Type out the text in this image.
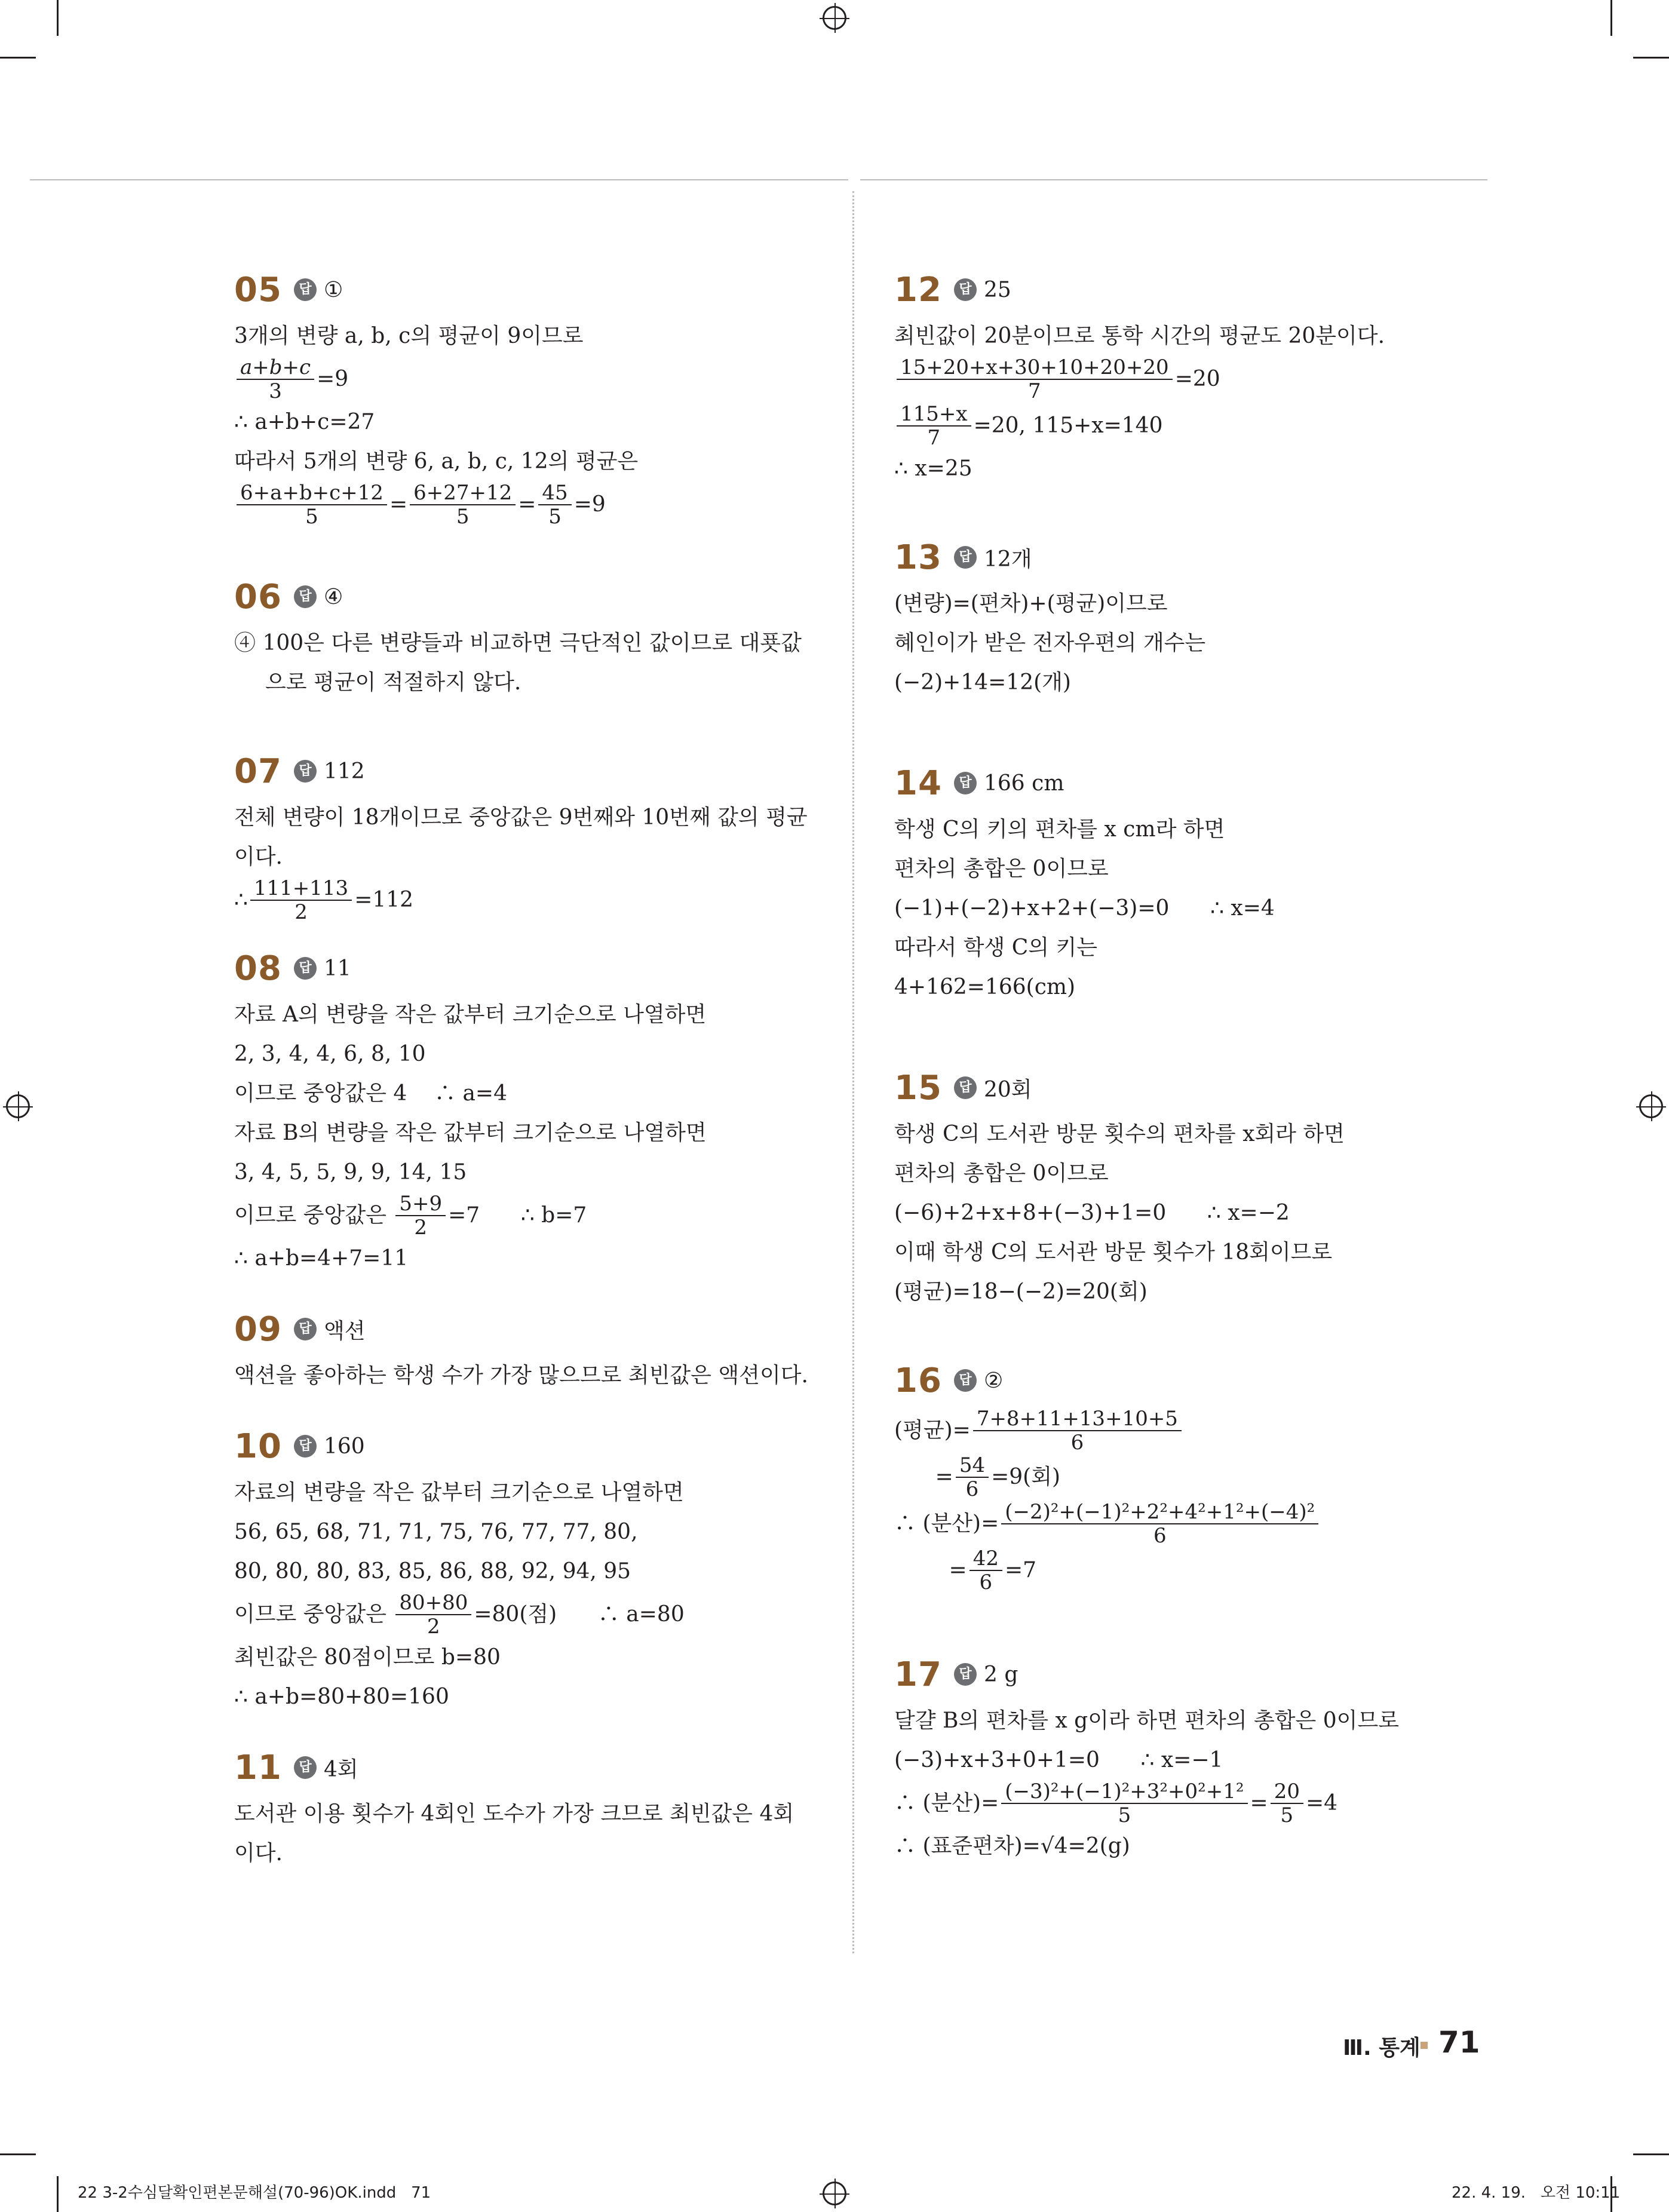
05	답 ①
3개의 변량 a, b, c의 평균이 9이므로
$\frac{a+b+c}{3} =9$
∴ a+b+c=27
따라서 5개의 변량 6, a, b, c, 12의 평균은
$\frac{6+a+b+c+12}{5} = \frac{6+27+12}{5} = \frac{45}{5} =9$
06	답 ④
④ 100은 다른 변량들과 비교하면 극단적인 값이므로 대푯값
으로 평균이 적절하지 않다.
07	답 112
전체 변량이 18개이므로 중앙값은 9번째와 10번째 값의 평균
이다.
∴ $\frac{111+113}{2} =112$
08	답 11
자료 A의 변량을 작은 값부터 크기순으로 나열하면
2, 3, 4, 4, 6, 8, 10
이므로 중앙값은 4    ∴ a=4
자료 B의 변량을 작은 값부터 크기순으로 나열하면
3, 4, 5, 5, 9, 9, 14, 15
이므로 중앙값은 $\frac{5+9}{2} =7$      ∴ b=7
∴ a+b=4+7=11
09	답 액션
액션을 좋아하는 학생 수가 가장 많으므로 최빈값은 액션이다.
10	답 160
자료의 변량을 작은 값부터 크기순으로 나열하면
56, 65, 68, 71, 71, 75, 76, 77, 77, 80,
80, 80, 80, 83, 85, 86, 88, 92, 94, 95
이므로 중앙값은 $\frac{80+80}{2} =80$(점)      ∴ a=80
최빈값은 80점이므로 b=80
∴ a+b=80+80=160
11	답 4회
도서관 이용 횟수가 4회인 도수가 가장 크므로 최빈값은 4회
이다.
12	답 25
최빈값이 20분이므로 통학 시간의 평균도 20분이다.
$\frac{15+20+x+30+10+20+20}{7} =20$
$\frac{115+x}{7} =20$, 115+x=140
∴ x=25
13	답 12개
(변량)=(편차)+(평균)이므로
혜인이가 받은 전자우편의 개수는
(−2)+14=12(개)
14	답 166 cm
학생 C의 키의 편차를 x cm라 하면
편차의 총합은 0이므로
(−1)+(−2)+x+2+(−3)=0      ∴ x=4
따라서 학생 C의 키는
4+162=166(cm)
15	답 20회
학생 C의 도서관 방문 횟수의 편차를 x회라 하면
편차의 총합은 0이므로
(−6)+2+x+8+(−3)+1=0      ∴ x=−2
이때 학생 C의 도서관 방문 횟수가 18회이므로
(평균)=18−(−2)=20(회)
16	답 ②
(평균)= $\frac{7+8+11+13+10+5}{6}$
= $\frac{54}{6} =9$(회)
∴ (분산)= $\frac{\text{(−2)²+(−1)²+2²+4²+1²+(−4)²}}{6}$
= $\frac{42}{6} =7$
17	답 2 g
달걀 B의 편차를 x g이라 하면 편차의 총합은 0이므로
(−3)+x+3+0+1=0      ∴ x=−1
∴ (분산)= $\frac{\text{(−3)²+(−1)²+3²+0²+1²}}{5} = \frac{20}{5} =4$
∴ (표준편차)=√4=2(g)
Ⅲ. 통계 71
22 3-2수심달확인편본문해설(70-96)OK.indd   71	22. 4. 19.   오전 10:11
